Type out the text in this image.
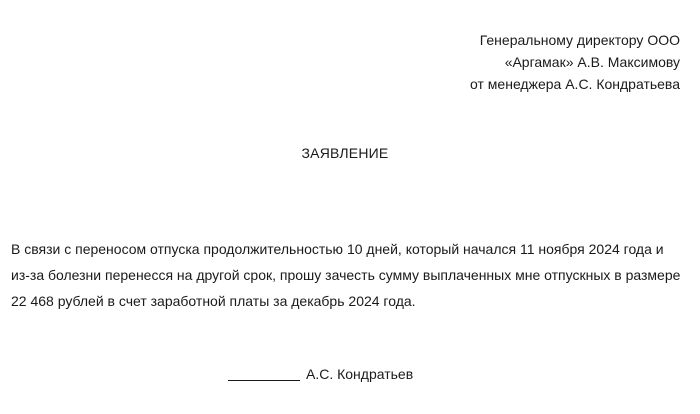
Генеральному директору ООО
«Аргамак» А.В. Максимову
от менеджера А.С. Кондратьева
ЗАЯВЛЕНИЕ
В связи с переносом отпуска продолжительностью 10 дней, который начался 11 ноября 2024 года и
из-за болезни перенесся на другой срок, прошу зачесть сумму выплаченных мне отпускных в размере
22 468 рублей в счет заработной платы за декабрь 2024 года.
А.С. Кондратьев
